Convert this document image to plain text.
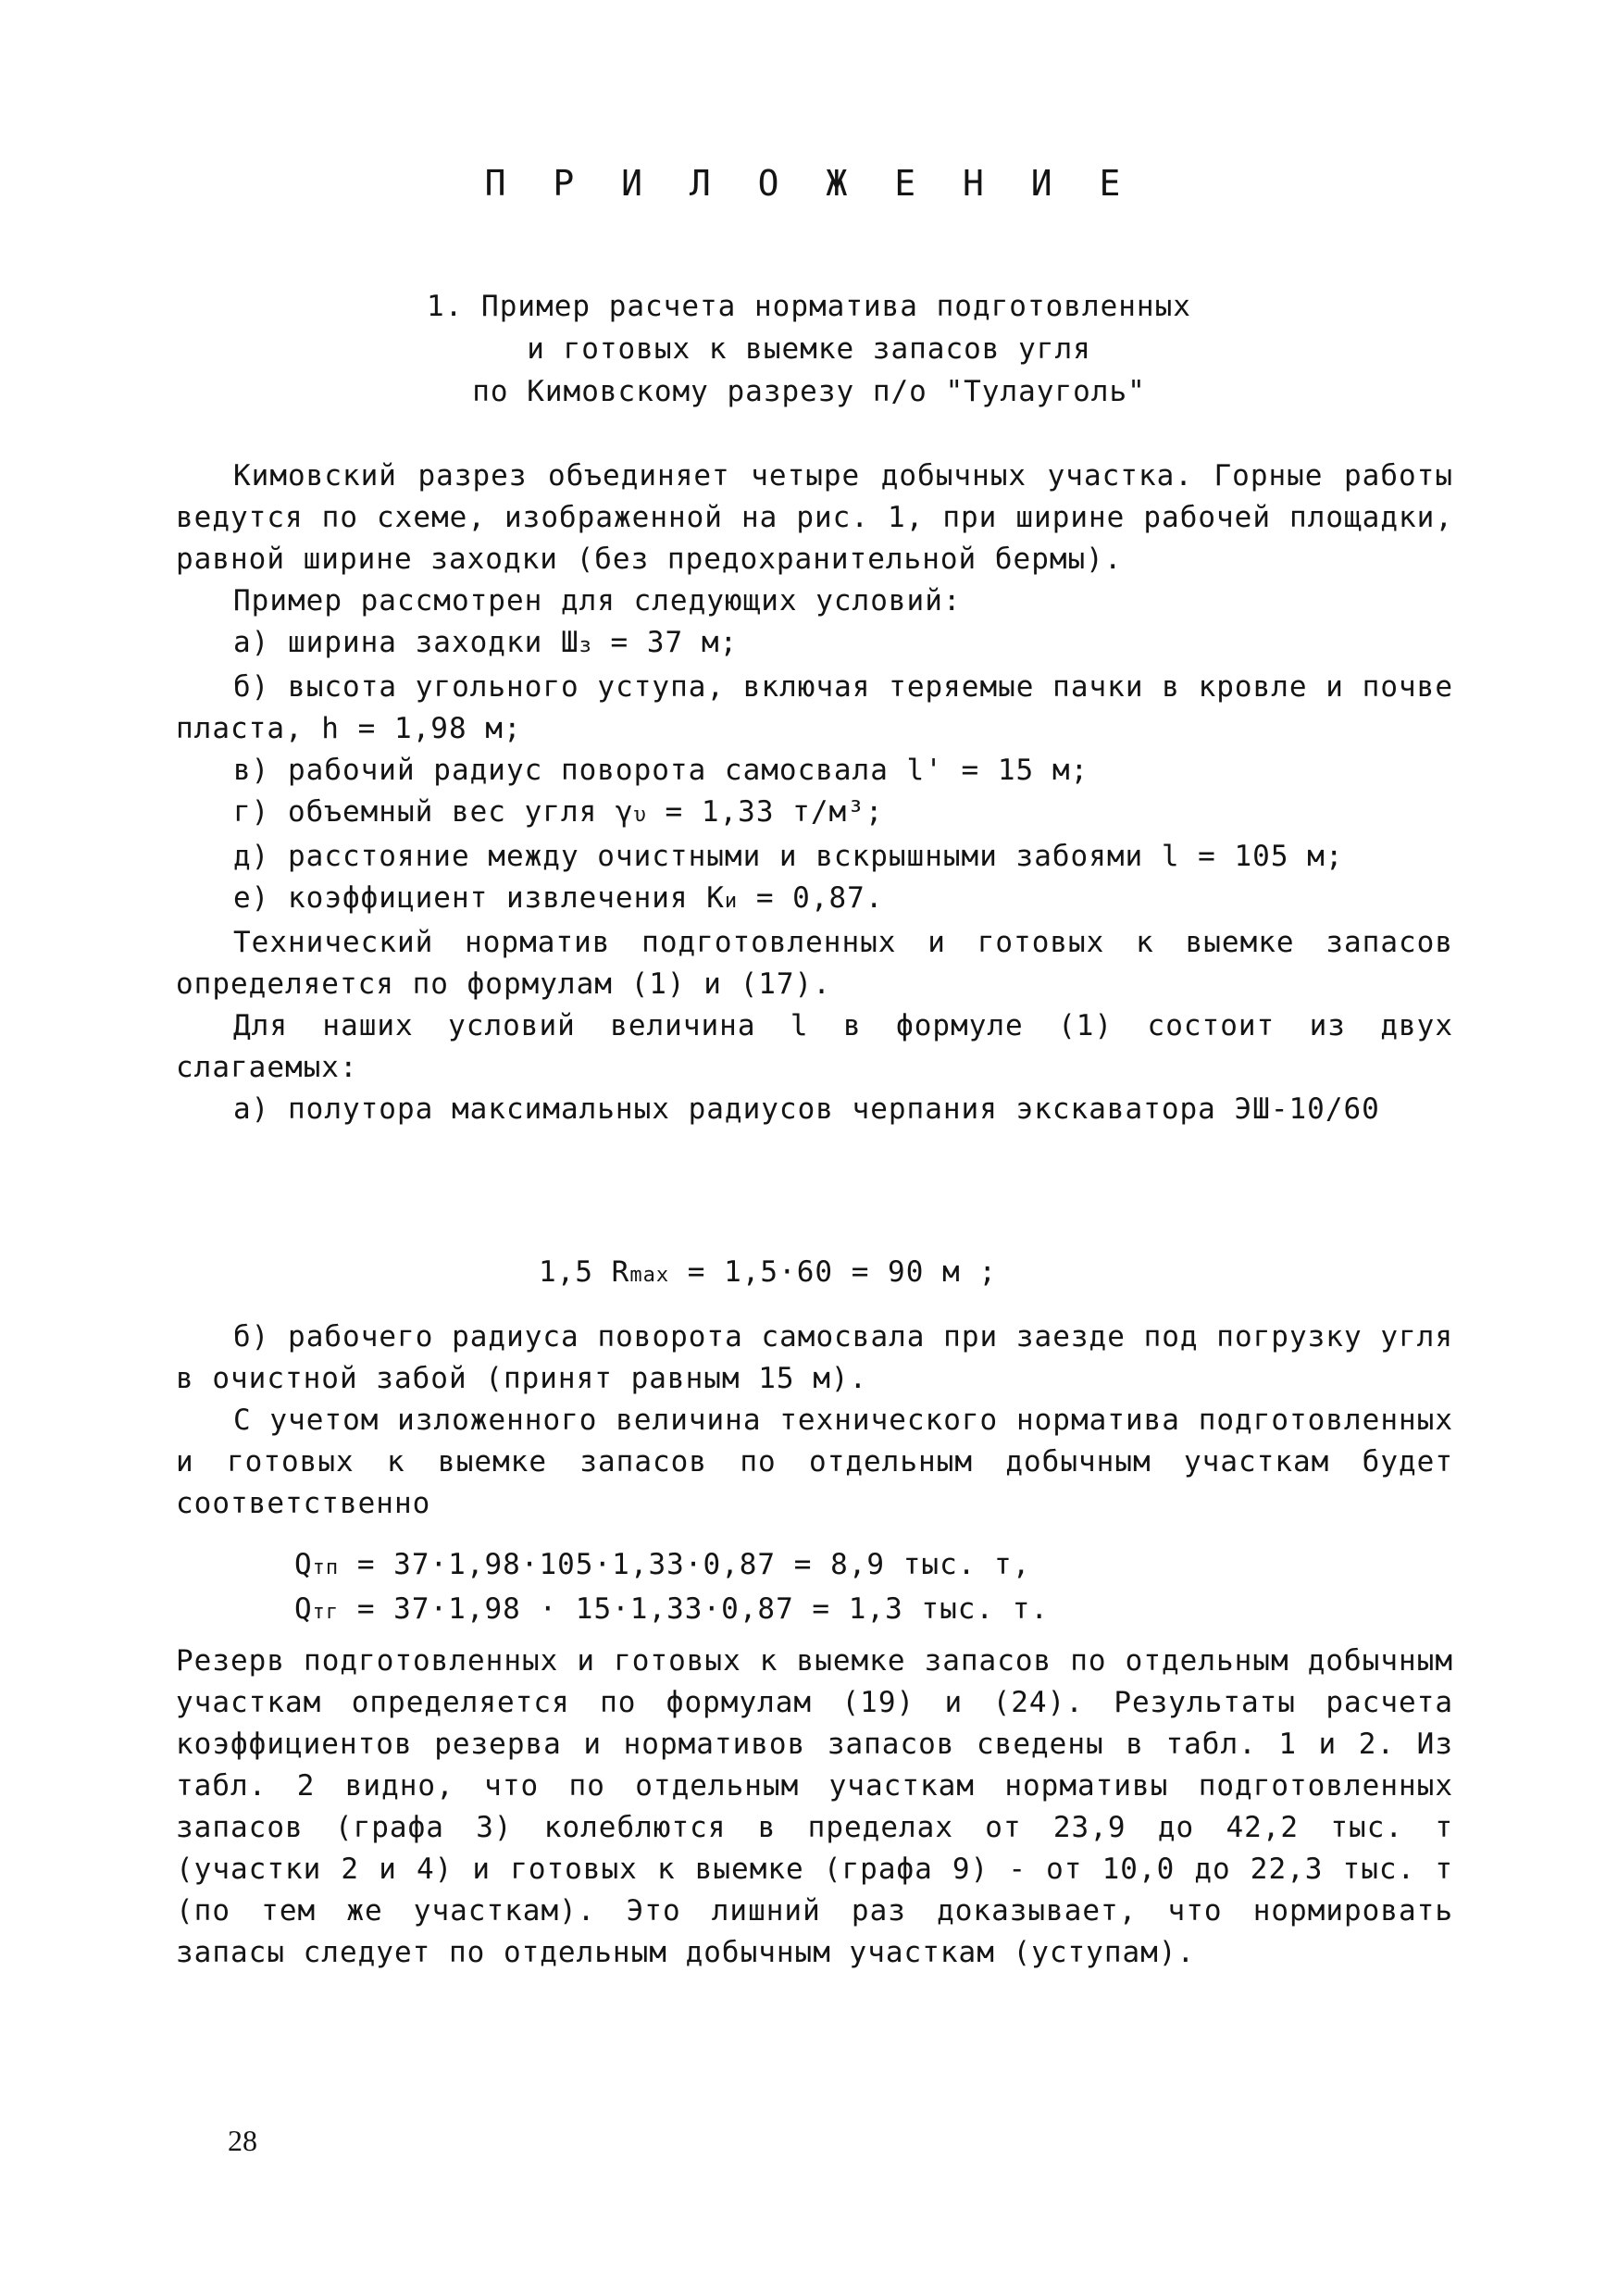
П Р И Л О Ж Е Н И Е
1. Пример расчета норматива подготовленных
и готовых к выемке запасов угля
по Кимовскому разрезу п/о "Тулауголь"

Кимовский разрез объединяет четыре добычных участка. Горные работы ведутся по схеме, изображенной на рис. 1, при ширине рабочей площадки, равной ширине заходки (без предохранительной бермы).

Пример рассмотрен для следующих условий:

а) ширина заходки Шз = 37 м;

б) высота угольного уступа, включая теряемые пачки в кровле и почве пласта, h = 1,98 м;

в) рабочий радиус поворота самосвала l' = 15 м;

г) объемный вес угля γυ = 1,33 т/м³;

д) расстояние между очистными и вскрышными забоями l = 105 м;

е) коэффициент извлечения Ки = 0,87.

Технический норматив подготовленных и готовых к выемке запасов определяется по формулам (1) и (17).

Для наших условий величина l в формуле (1) состоит из двух слагаемых:

а) полутора максимальных радиусов черпания экскаватора ЭШ-10/60

1,5 Rmax = 1,5·60 = 90 м ;

б) рабочего радиуса поворота самосвала при заезде под погрузку угля в очистной забой (принят равным 15 м).

С учетом изложенного величина технического норматива подготовленных и готовых к выемке запасов по отдельным добычным участкам будет соответственно

Qтп = 37·1,98·105·1,33·0,87 = 8,9 тыс. т,
Qтг = 37·1,98 · 15·1,33·0,87 = 1,3 тыс. т.

Резерв подготовленных и готовых к выемке запасов по отдельным добычным участкам определяется по формулам (19) и (24). Результаты расчета коэффициентов резерва и нормативов запасов сведены в табл. 1 и 2. Из табл. 2 видно, что по отдельным участкам нормативы подготовленных запасов (графа 3) колеблются в пределах от 23,9 до 42,2 тыс. т (участки 2 и 4) и готовых к выемке (графа 9) - от 10,0 до 22,3 тыс. т (по тем же участкам). Это лишний раз доказывает, что нормировать запасы следует по отдельным добычным участкам (уступам).

28
